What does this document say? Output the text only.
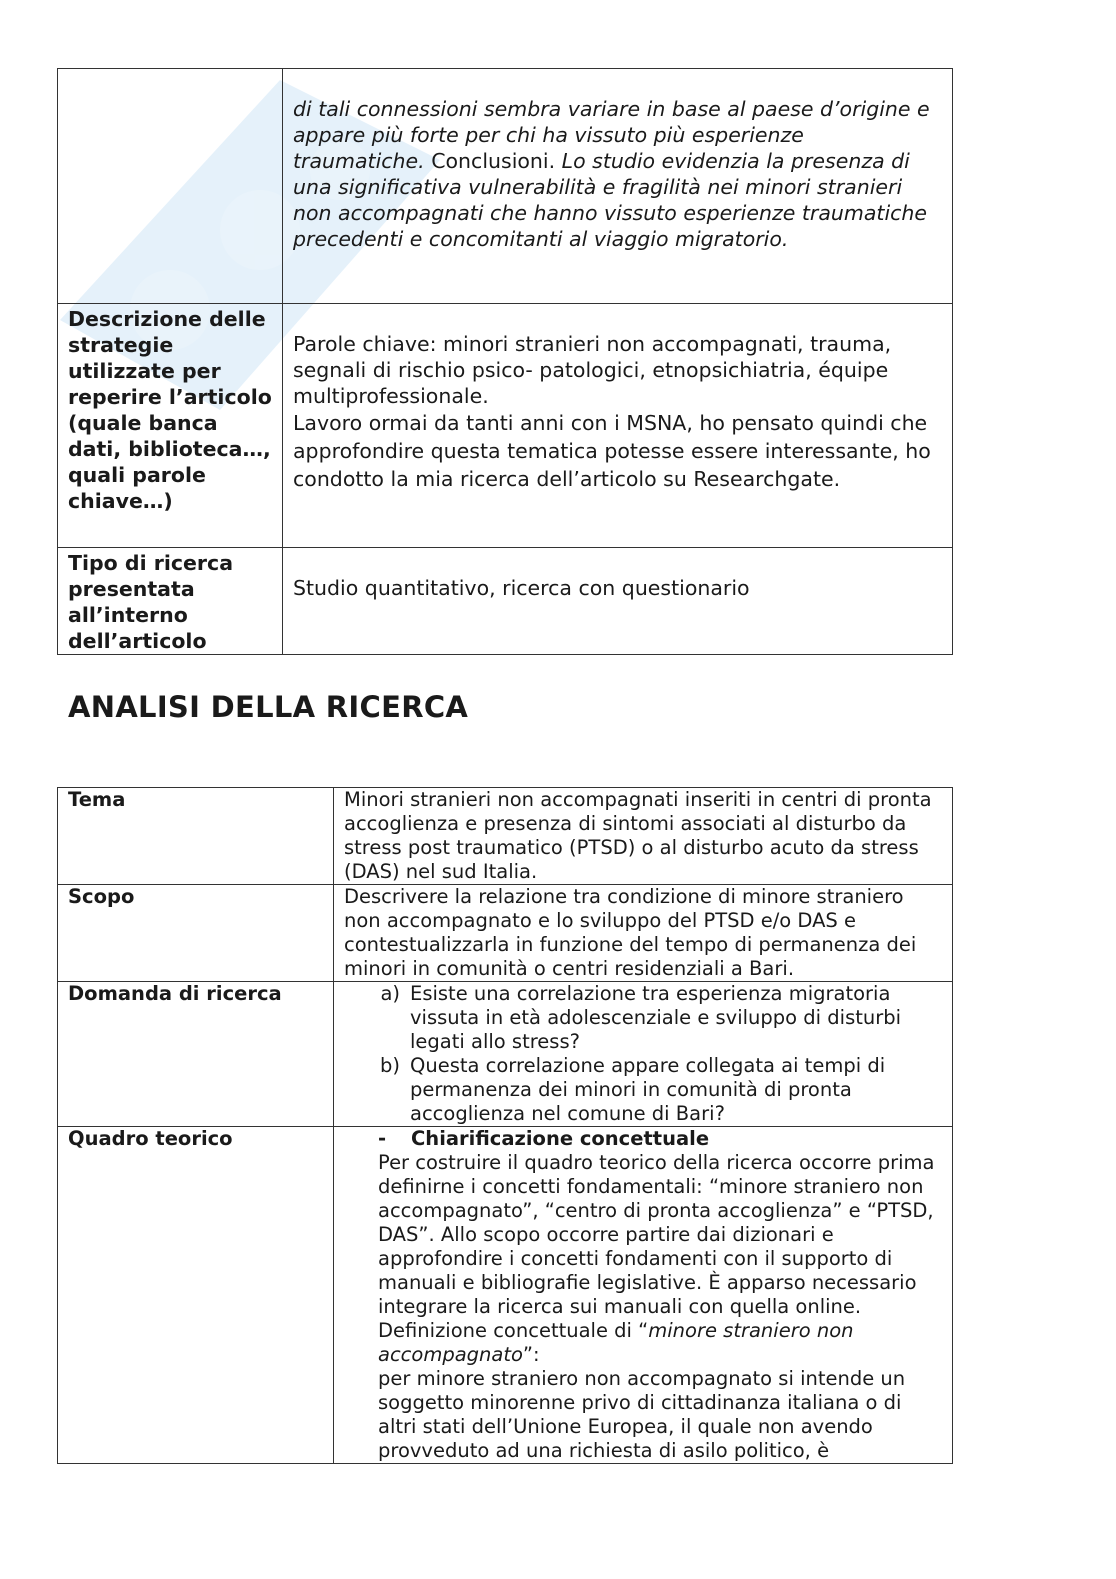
	di tali connessioni sembra variare in base al paese d’origine e appare più forte per chi ha vissuto più esperienze traumatiche. Conclusioni. Lo studio evidenzia la presenza di una significativa vulnerabilità e fragilità nei minori stranieri non accompagnati che hanno vissuto esperienze traumatiche precedenti e concomitanti al viaggio migratorio.

Descrizione delle strategie utilizzate per reperire l’articolo (quale banca dati, biblioteca…, quali parole chiave…)	Parole chiave: minori stranieri non accompagnati, trauma, segnali di rischio psico- patologici, etnopsichiatria, équipe multiprofessionale.
Lavoro ormai da tanti anni con i MSNA, ho pensato quindi che approfondire questa tematica potesse essere interessante, ho condotto la mia ricerca dell’articolo su Researchgate.

Tipo di ricerca presentata all’interno dell’articolo	Studio quantitativo, ricerca con questionario
ANALISI DELLA RICERCA
Tema	Minori stranieri non accompagnati inseriti in centri di pronta accoglienza e presenza di sintomi associati al disturbo da stress post traumatico (PTSD) o al disturbo acuto da stress (DAS) nel sud Italia.

Scopo	Descrivere la relazione tra condizione di minore straniero non accompagnato e lo sviluppo del PTSD e/o DAS e contestualizzarla in funzione del tempo di permanenza dei minori in comunità o centri residenziali a Bari.

Domanda di ricerca	a) Esiste una correlazione tra esperienza migratoria vissuta in età adolescenziale e sviluppo di disturbi legati allo stress?
b) Questa correlazione appare collegata ai tempi di permanenza dei minori in comunità di pronta accoglienza nel comune di Bari?

Quadro teorico	- Chiarificazione concettuale
Per costruire il quadro teorico della ricerca occorre prima definirne i concetti fondamentali: “minore straniero non accompagnato”, “centro di pronta accoglienza” e “PTSD, DAS”. Allo scopo occorre partire dai dizionari e approfondire i concetti fondamenti con il supporto di manuali e bibliografie legislative. È apparso necessario integrare la ricerca sui manuali con quella online.
Definizione concettuale di “minore straniero non accompagnato”:
per minore straniero non accompagnato si intende un soggetto minorenne privo di cittadinanza italiana o di altri stati dell’Unione Europea, il quale non avendo provveduto ad una richiesta di asilo politico, è
